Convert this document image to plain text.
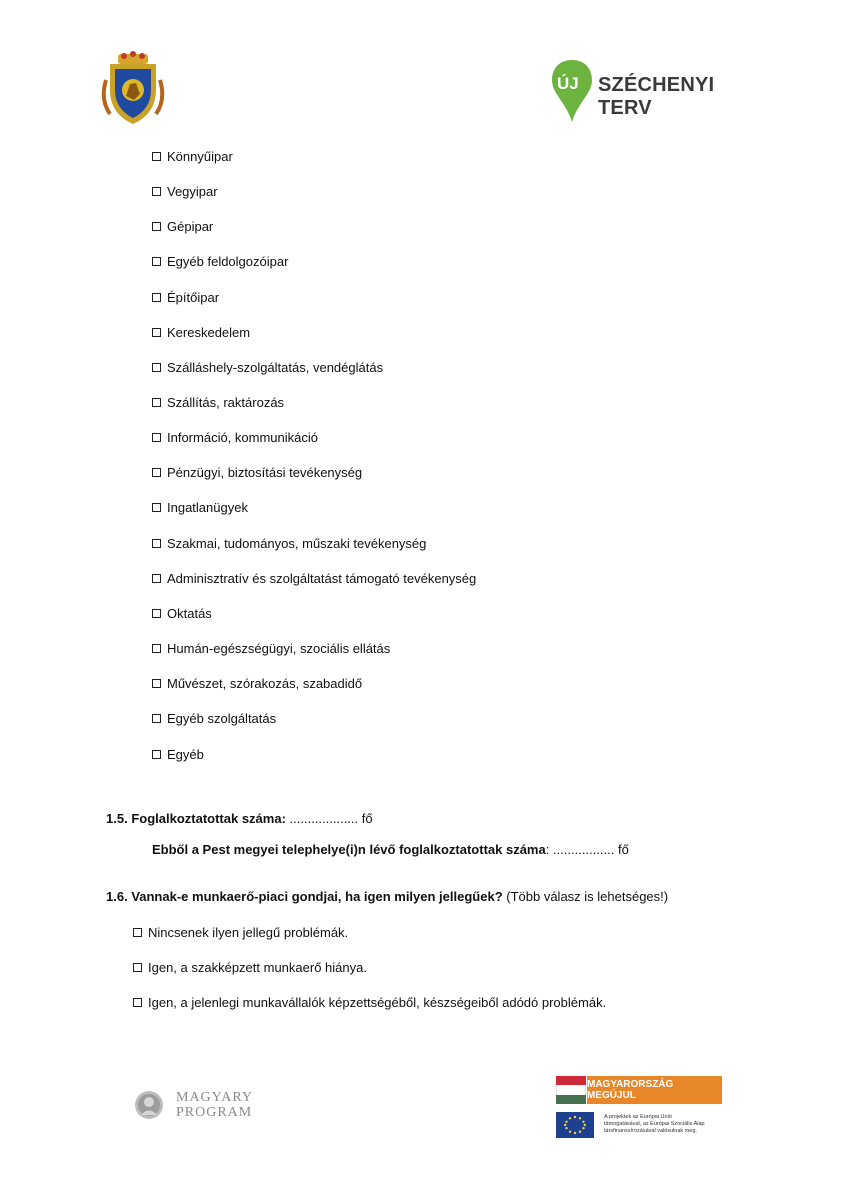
ÚJ SZÉCHENYI TERV
Könnyűipar
Vegyipar
Gépipar
Egyéb feldolgozóipar
Építőipar
Kereskedelem
Szálláshely-szolgáltatás, vendéglátás
Szállítás, raktározás
Információ, kommunikáció
Pénzügyi, biztosítási tevékenység
Ingatlanügyek
Szakmai, tudományos, műszaki tevékenység
Adminisztratív és szolgáltatást támogató tevékenység
Oktatás
Humán-egészségügyi, szociális ellátás
Művészet, szórakozás, szabadidő
Egyéb szolgáltatás
Egyéb
1.5. Foglalkoztatottak száma: ................... fő
Ebből a Pest megyei telephelye(i)n lévő foglalkoztatottak száma: ................. fő
1.6. Vannak-e munkaerő-piaci gondjai, ha igen milyen jellegűek? (Több válasz is lehetséges!)
Nincsenek ilyen jellegű problémák.
Igen, a szakképzett munkaerő hiánya.
Igen, a jelenlegi munkavállalók képzettségéből, készségeiből adódó problémák.
MAGYARY
PROGRAM
MAGYARORSZÁG MEGÚJUL
A projektek az Európai Unió
támogatásával, az Európai Szociális Alap
társfinanszírozásával valósulnak meg.
